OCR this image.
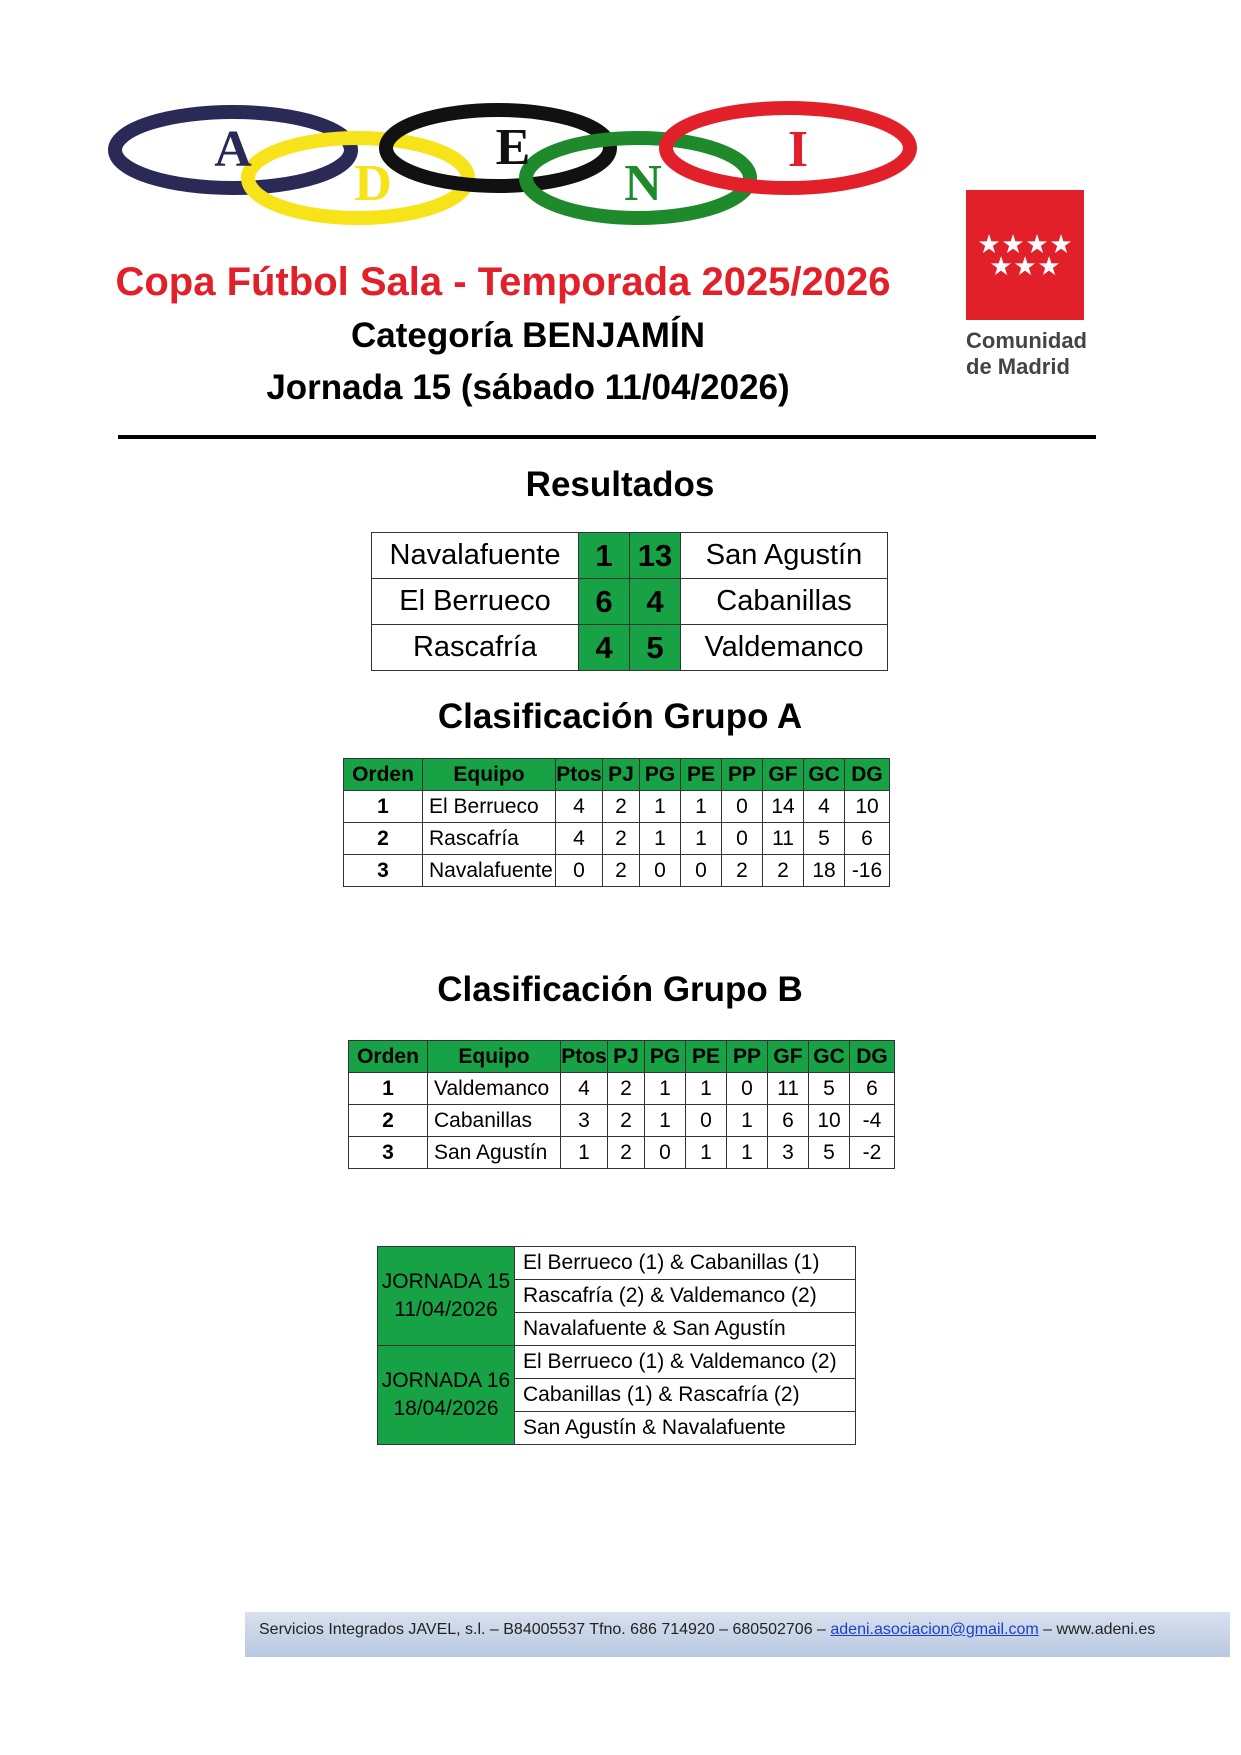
A
D
E
N
I
★ ★ ★ ★
★ ★ ★
Comunidad
de Madrid
Copa Fútbol Sala - Temporada 2025/2026
Categoría BENJAMÍN
Jornada 15 (sábado 11/04/2026)
Resultados
Navalafuente	1	13	San Agustín
El Berrueco	6	4	Cabanillas
Rascafría	4	5	Valdemanco
Clasificación Grupo A
Orden	Equipo	Ptos	PJ	PG	PE	PP	GF	GC	DG
1	El Berrueco	4	2	1	1	0	14	4	10
2	Rascafría	4	2	1	1	0	11	5	6
3	Navalafuente	0	2	0	0	2	2	18	-16
Clasificación Grupo B
Orden	Equipo	Ptos	PJ	PG	PE	PP	GF	GC	DG
1	Valdemanco	4	2	1	1	0	11	5	6
2	Cabanillas	3	2	1	0	1	6	10	-4
3	San Agustín	1	2	0	1	1	3	5	-2
JORNADA 15
11/04/2026	El Berrueco (1) & Cabanillas (1)
	Rascafría (2) & Valdemanco (2)
	Navalafuente & San Agustín

JORNADA 16
18/04/2026	El Berrueco (1) & Valdemanco (2)
	Cabanillas (1) & Rascafría (2)
	San Agustín & Navalafuente
Servicios Integrados JAVEL, s.l. – B84005537 Tfno. 686 714920 – 680502706 – adeni.asociacion@gmail.com – www.adeni.es
